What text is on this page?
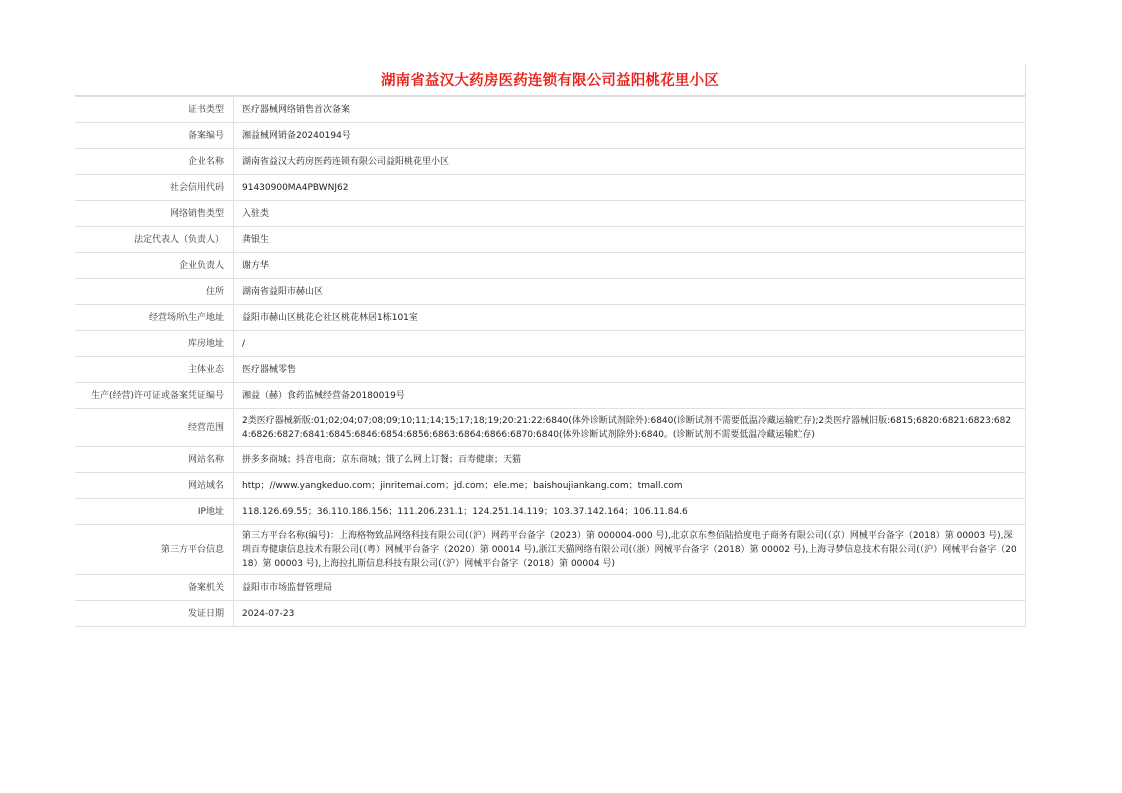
湖南省益汉大药房医药连锁有限公司益阳桃花里小区
证书类型	医疗器械网络销售首次备案
备案编号	湘益械网销备20240194号
企业名称	湖南省益汉大药房医药连锁有限公司益阳桃花里小区
社会信用代码	91430900MA4PBWNJ62
网络销售类型	入驻类
法定代表人（负责人）	龚银生
企业负责人	谢方华
住所	湖南省益阳市赫山区
经营场所\生产地址	益阳市赫山区桃花仑社区桃花林居1栋101室
库房地址	/
主体业态	医疗器械零售
生产(经营)许可证或备案凭证编号	湘益（赫）食药监械经营备20180019号
经营范围	2类医疗器械新版:01;02;04;07;08;09;10;11;14;15;17;18;19;20:21:22:6840(体外诊断试剂除外):6840(诊断试剂不需要低温冷藏运输贮存);2类医疗器械旧版:6815;6820:6821:6823:6824:6826:6827:6841:6845:6846:6854:6856:6863:6864:6866:6870:6840(体外诊断试剂除外):6840。(诊断试剂不需要低温冷藏运输贮存)
网站名称	拼多多商城；抖音电商；京东商城；饿了么网上订餐；百寿健康；天猫
网站域名	http；//www.yangkeduo.com；jinritemai.com；jd.com；ele.me；baishoujiankang.com；tmall.com
IP地址	118.126.69.55；36.110.186.156；111.206.231.1；124.251.14.119；103.37.142.164；106.11.84.6
第三方平台信息	第三方平台名称(编号)：上海格物致品网络科技有限公司(（沪）网药平台备字（2023）第 000004-000 号),北京京东叁佰陆拾度电子商务有限公司(（京）网械平台备字（2018）第 00003 号),深圳百寿健康信息技术有限公司(（粤）网械平台备字（2020）第 00014 号),浙江天猫网络有限公司(（浙）网械平台备字（2018）第 00002 号),上海寻梦信息技术有限公司(（沪）网械平台备字（2018）第 00003 号),上海拉扎斯信息科技有限公司(（沪）网械平台备字（2018）第 00004 号)
备案机关	益阳市市场监督管理局
发证日期	2024-07-23
